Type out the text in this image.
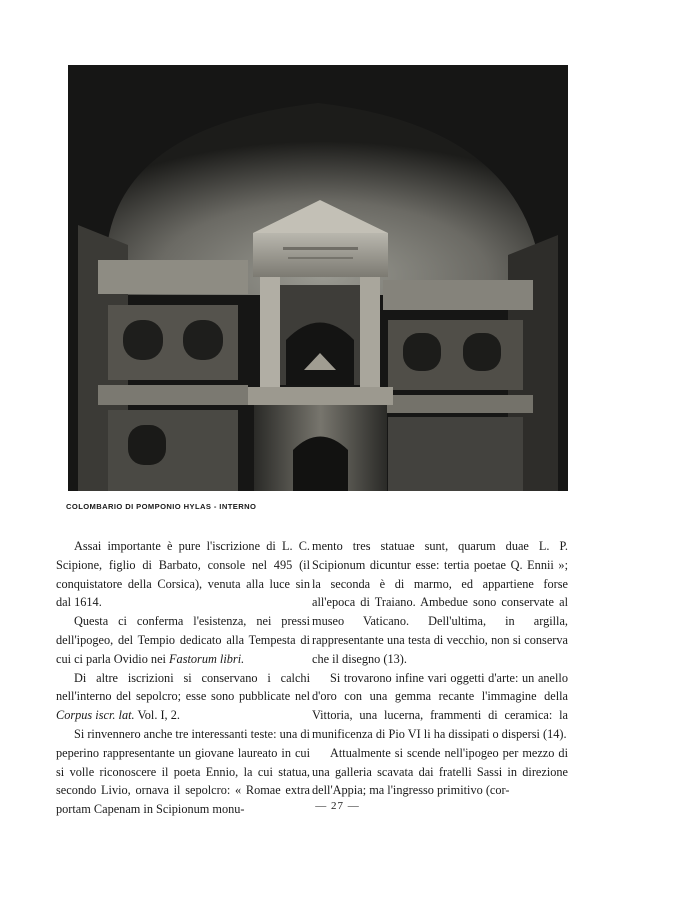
COLOMBARIO DI POMPONIO HYLAS - INTERNO

Assai importante è pure l'iscrizione di L. C. Scipione, figlio di Barbato, console nel 495 (il conquistatore della Corsica), venuta alla luce sin dal 1614.

Questa ci conferma l'esistenza, nei pressi dell'ipogeo, del Tempio dedicato alla Tempesta di cui ci parla Ovidio nei Fastorum libri.

Di altre iscrizioni si conservano i calchi nell'interno del sepolcro; esse sono pubblicate nel Corpus iscr. lat. Vol. I, 2.

Si rinvennero anche tre interessanti teste: una di peperino rappresentante un giovane laureato in cui si volle riconoscere il poeta Ennio, la cui statua, secondo Livio, ornava il sepolcro: « Romae extra portam Capenam in Scipionum monu-

mento tres statuae sunt, quarum duae L. P. Scipionum dicuntur esse: tertia poetae Q. Ennii »; la seconda è di marmo, ed appartiene forse all'epoca di Traiano. Ambedue sono conservate al museo Vaticano. Dell'ultima, in argilla, rappresentante una testa di vecchio, non si conserva che il disegno (13).

Si trovarono infine vari oggetti d'arte: un anello d'oro con una gemma recante l'immagine della Vittoria, una lucerna, frammenti di ceramica: la munificenza di Pio VI li ha dissipati o dispersi (14).

Attualmente si scende nell'ipogeo per mezzo di una galleria scavata dai fratelli Sassi in direzione dell'Appia; ma l'ingresso primitivo (cor-

— 27 —
